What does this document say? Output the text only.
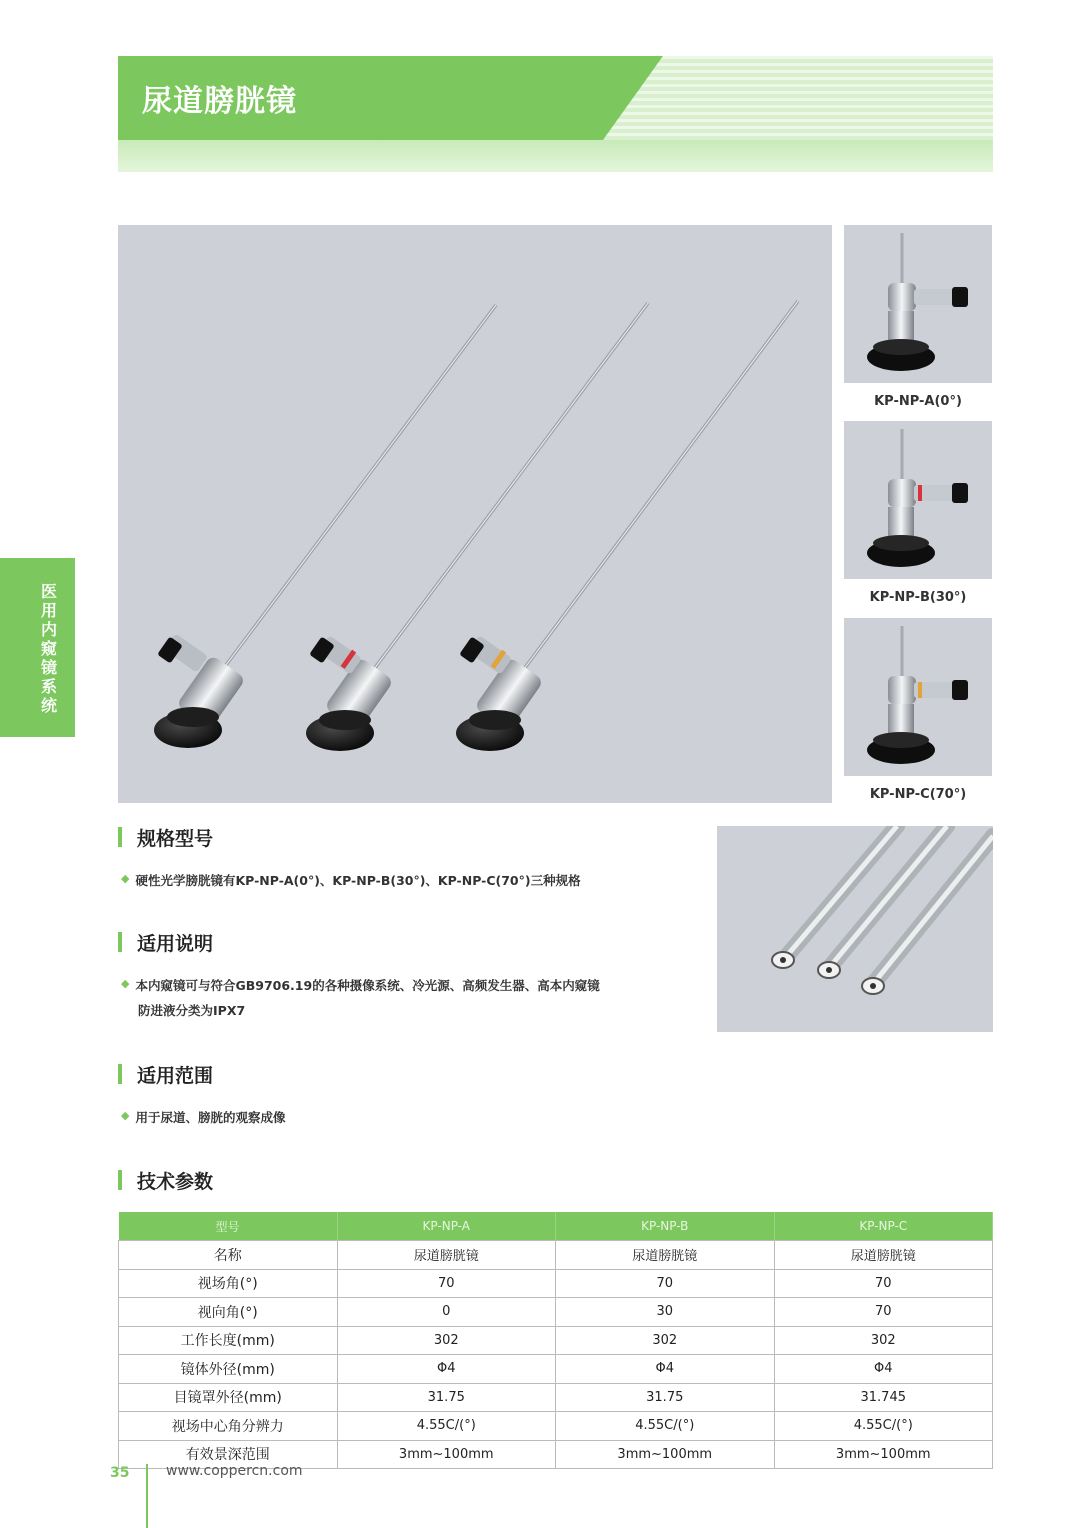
尿道膀胱镜
医用内窥镜系统
KP-NP-A(0°)
KP-NP-B(30°)
KP-NP-C(70°)
规格型号
◆ 硬性光学膀胱镜有KP-NP-A(0°)、KP-NP-B(30°)、KP-NP-C(70°)三种规格
适用说明
◆ 本内窥镜可与符合GB9706.19的各种摄像系统、冷光源、高频发生器、高本内窥镜
防进液分类为IPX7
适用范围
◆ 用于尿道、膀胱的观察成像
技术参数
型号	KP-NP-A	KP-NP-B	KP-NP-C
名称	尿道膀胱镜	尿道膀胱镜	尿道膀胱镜
视场角(°)	70	70	70
视向角(°)	0	30	70
工作长度(mm)	302	302	302
镜体外径(mm)	Φ4	Φ4	Φ4
目镜罩外径(mm)	31.75	31.75	31.745
视场中心角分辨力	4.55C/(°)	4.55C/(°)	4.55C/(°)
有效景深范围	3mm~100mm	3mm~100mm	3mm~100mm
35	www.coppercn.com
